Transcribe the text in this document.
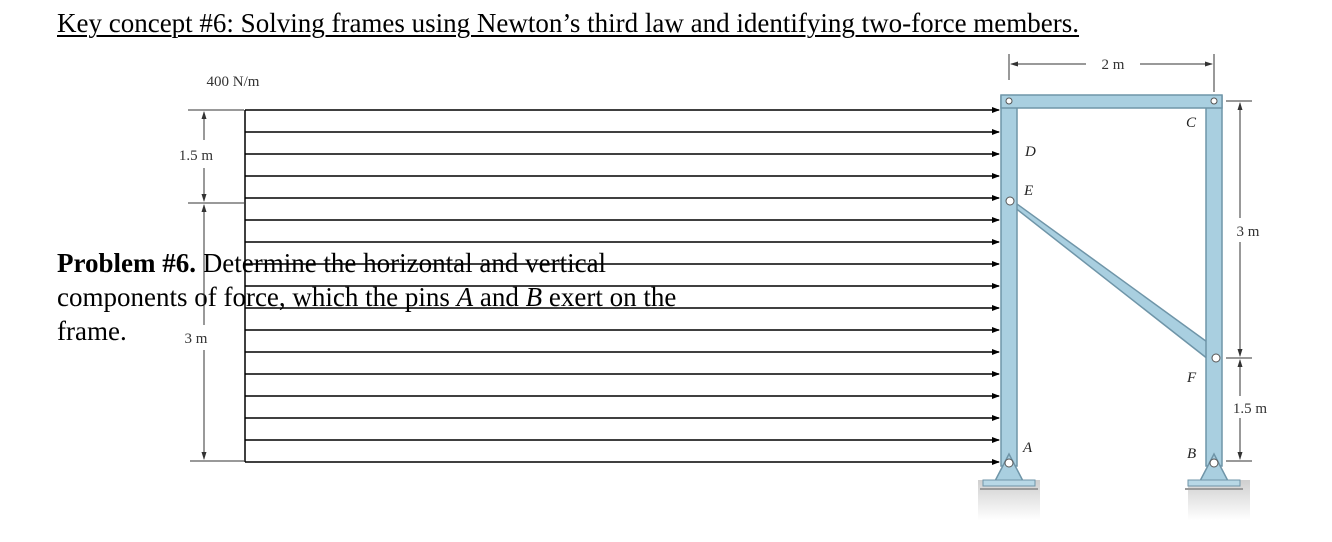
Key concept #6: Solving frames using Newton’s third law and identifying two-force members.
Problem #6. Determine the horizontal and vertical components of force, which the pins A and B exert on the frame.
2 m
400 N/m
1.5 m
3 m
3 m
1.5 m
D
E
C
F
A	B
